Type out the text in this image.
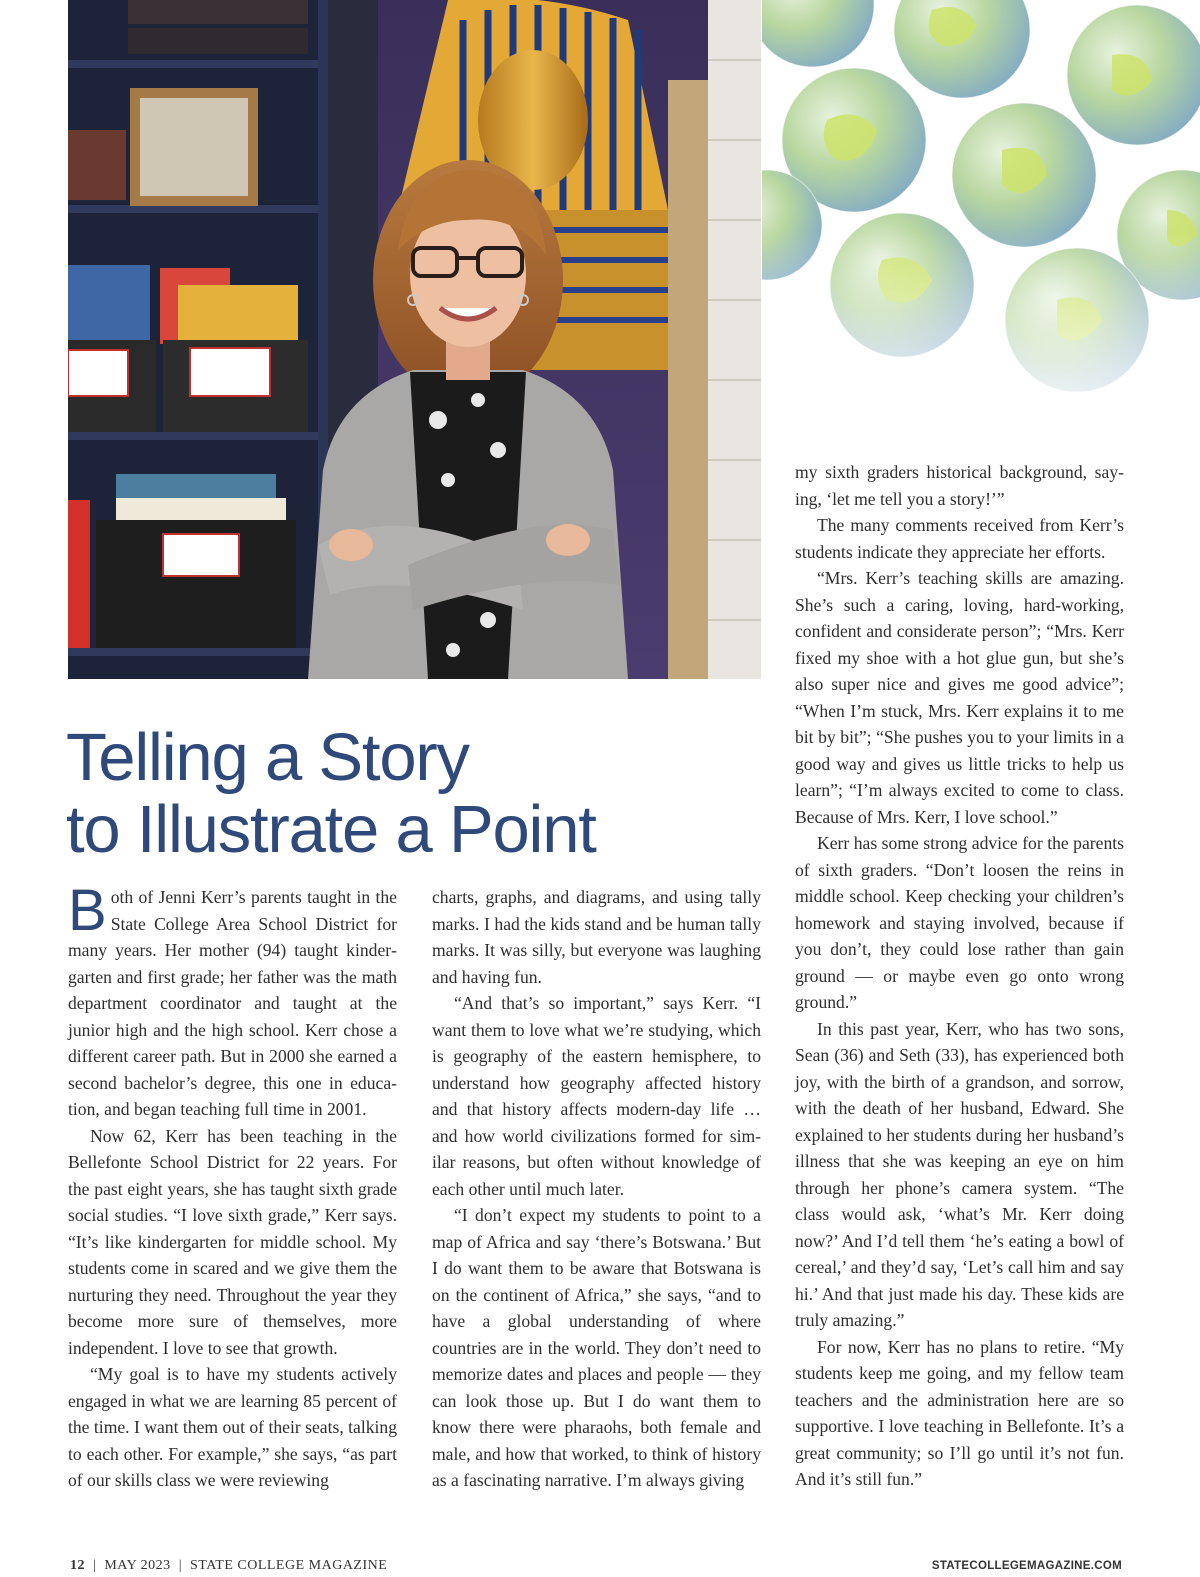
Telling a Story
to Illustrate a Point

Both of Jenni Kerr’s parents taught in the State College Area School District for many years. Her mother (94) taught kindergarten and first grade; her father was the math department coordinator and taught at the junior high and the high school. Kerr chose a different career path. But in 2000 she earned a second bachelor’s degree, this one in education, and began teaching full time in 2001.

Now 62, Kerr has been teaching in the Bellefonte School District for 22 years. For the past eight years, she has taught sixth grade social studies. “I love sixth grade,” Kerr says. “It’s like kindergarten for middle school. My students come in scared and we give them the nurturing they need. Throughout the year they become more sure of themselves, more independent. I love to see that growth.

“My goal is to have my students actively engaged in what we are learning 85 percent of the time. I want them out of their seats, talking to each other. For example,” she says, “as part of our skills class we were reviewing

charts, graphs, and diagrams, and using tally marks. I had the kids stand and be human tally marks. It was silly, but everyone was laughing and having fun.

“And that’s so important,” says Kerr. “I want them to love what we’re studying, which is geography of the eastern hemisphere, to understand how geography affected history and that history affects modern-day life … and how world civilizations formed for similar reasons, but often without knowledge of each other until much later.

“I don’t expect my students to point to a map of Africa and say ‘there’s Botswana.’ But I do want them to be aware that Botswana is on the continent of Africa,” she says, “and to have a global understanding of where countries are in the world. They don’t need to memorize dates and places and people — they can look those up. But I do want them to know there were pharaohs, both female and male, and how that worked, to think of history as a fascinating narrative. I’m always giving

my sixth graders historical background, saying, ‘let me tell you a story!’”

The many comments received from Kerr’s students indicate they appreciate her efforts.

“Mrs. Kerr’s teaching skills are amazing. She’s such a caring, loving, hard-working, confident and considerate person”; “Mrs. Kerr fixed my shoe with a hot glue gun, but she’s also super nice and gives me good advice”; “When I’m stuck, Mrs. Kerr explains it to me bit by bit”; “She pushes you to your limits in a good way and gives us little tricks to help us learn”; “I’m always excited to come to class. Because of Mrs. Kerr, I love school.”

Kerr has some strong advice for the parents of sixth graders. “Don’t loosen the reins in middle school. Keep checking your children’s homework and staying involved, because if you don’t, they could lose rather than gain ground — or maybe even go onto wrong ground.”

In this past year, Kerr, who has two sons, Sean (36) and Seth (33), has experienced both joy, with the birth of a grandson, and sorrow, with the death of her husband, Edward. She explained to her students during her husband’s illness that she was keeping an eye on him through her phone’s camera system. “The class would ask, ‘what’s Mr. Kerr doing now?’ And I’d tell them ‘he’s eating a bowl of cereal,’ and they’d say, ‘Let’s call him and say hi.’ And that just made his day. These kids are truly amazing.”

For now, Kerr has no plans to retire. “My students keep me going, and my fellow team teachers and the administration here are so supportive. I love teaching in Bellefonte. It’s a great community; so I’ll go until it’s not fun. And it’s still fun.”

12 | MAY 2023 | STATE COLLEGE MAGAZINE	STATECOLLEGEMAGAZINE.COM
